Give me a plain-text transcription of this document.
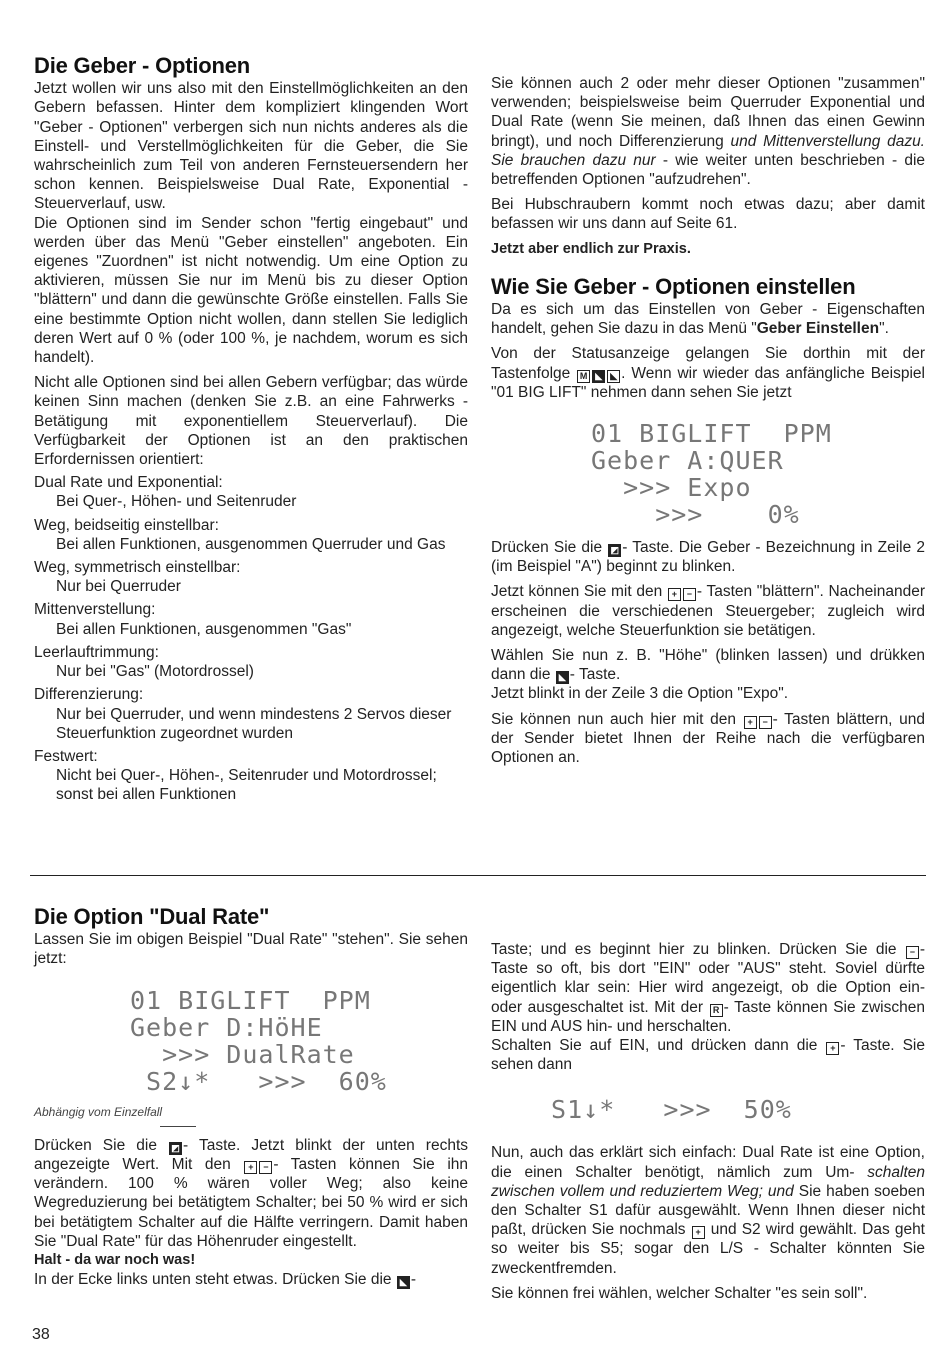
Die Geber - Optionen

Jetzt wollen wir uns also mit den Einstellmöglichkeiten an den Gebern befassen. Hinter dem kompliziert klingenden Wort "Geber - Optionen" verbergen sich nun nichts anderes als die Einstell- und Verstellmöglichkeiten für die Geber, die Sie wahrscheinlich zum Teil von anderen Fernsteuersendern her schon kennen. Beispielsweise Dual Rate, Exponential - Steuerverlauf, usw.

Die Optionen sind im Sender schon "fertig eingebaut" und werden über das Menü "Geber einstellen" angeboten. Ein eigenes "Zuordnen" ist nicht notwendig. Um eine Option zu aktivieren, müssen Sie nur im Menü bis zu dieser Option "blättern" und dann die gewünschte Größe einstellen. Falls Sie eine bestimmte Option nicht wollen, dann stellen Sie lediglich deren Wert auf 0 % (oder 100 %, je nachdem, worum es sich handelt).

Nicht alle Optionen sind bei allen Gebern verfügbar; das würde keinen Sinn machen (denken Sie z.B. an eine Fahrwerks - Betätigung mit exponentiellem Steuerverlauf). Die Verfügbarkeit der Optionen ist an den praktischen Erfordernissen orientiert:

Dual Rate und Exponential:
Bei Quer-, Höhen- und Seitenruder
Weg, beidseitig einstellbar:
Bei allen Funktionen, ausgenommen Querruder und Gas
Weg, symmetrisch einstellbar:
Nur bei Querruder
Mittenverstellung:
Bei allen Funktionen, ausgenommen "Gas"
Leerlauftrimmung:
Nur bei "Gas" (Motordrossel)
Differenzierung:
Nur bei Querruder, und wenn mindestens 2 Servos dieser Steuerfunktion zugeordnet wurden
Festwert:
Nicht bei Quer-, Höhen-, Seitenruder und Motordrossel; sonst bei allen Funktionen

Sie können auch 2 oder mehr dieser Optionen "zusammen" verwenden; beispielsweise beim Querruder Exponential und Dual Rate (wenn Sie meinen, daß Ihnen das einen Gewinn bringt), und noch Differenzierung und Mittenverstellung dazu. Sie brauchen dazu nur - wie weiter unten beschrieben - die betreffenden Optionen "aufzudrehen".

Bei Hubschraubern kommt noch etwas dazu; aber damit befassen wir uns dann auf Seite 61.

Jetzt aber endlich zur Praxis.

Wie Sie Geber - Optionen einstellen

Da es sich um das Einstellen von Geber - Eigenschaften handelt, gehen Sie dazu in das Menü "Geber Einstellen".

Von der Statusanzeige gelangen Sie dorthin mit der Tastenfolge M ◣ ◣ . Wenn wir wieder das anfängliche Beispiel "01 BIG LIFT" nehmen dann sehen Sie jetzt

01 BIGLIFT  PPM
Geber A:QUER
>>> Expo
>>>    0%

Drücken Sie die ◩ - Taste. Die Geber - Bezeichnung in Zeile 2 (im Beispiel "A") beginnt zu blinken.

Jetzt können Sie mit den + − - Tasten "blättern". Nacheinander erscheinen die verschiedenen Steuergeber; zugleich wird angezeigt, welche Steuerfunktion sie betätigen.

Wählen Sie nun z. B. "Höhe" (blinken lassen) und drükken dann die ◣ - Taste.

Jetzt blinkt in der Zeile 3 die Option "Expo".

Sie können nun auch hier mit den + − - Tasten blättern, und der Sender bietet Ihnen der Reihe nach die verfügbaren Optionen an.

Die Option "Dual Rate"

Lassen Sie im obigen Beispiel "Dual Rate" "stehen". Sie sehen jetzt:

01 BIGLIFT  PPM
Geber D:HöHE
>>> DualRate
S2↓*   >>>  60%
Abhängig vom Einzelfall

Drücken Sie die ◩ - Taste. Jetzt blinkt der unten rechts angezeigte Wert. Mit den + − - Tasten können Sie ihn verändern. 100 % wären voller Weg; also keine Wegreduzierung bei betätigtem Schalter; bei 50 % wird er sich bei betätigtem Schalter auf die Hälfte verringern. Damit haben Sie "Dual Rate" für das Höhenruder eingestellt.

Halt - da war noch was!

In der Ecke links unten steht etwas. Drücken Sie die ◣ -

Taste; und es beginnt hier zu blinken. Drücken Sie die − - Taste so oft, bis dort "EIN" oder "AUS" steht. Soviel dürfte eigentlich klar sein: Hier wird angezeigt, ob die Option ein- oder ausgeschaltet ist. Mit der R - Taste können Sie zwischen EIN und AUS hin- und herschalten.

Schalten Sie auf EIN, und drücken dann die + - Taste. Sie sehen dann

S1↓*   >>>  50%

Nun, auch das erklärt sich einfach: Dual Rate ist eine Option, die einen Schalter benötigt, nämlich zum Um- schalten zwischen vollem und reduziertem Weg; und Sie haben soeben den Schalter S1 dafür ausgewählt. Wenn Ihnen dieser nicht paßt, drücken Sie nochmals + und S2 wird gewählt. Das geht so weiter bis S5; sogar den L/S - Schalter könnten Sie zweckentfremden.

Sie können frei wählen, welcher Schalter "es sein soll".

38
